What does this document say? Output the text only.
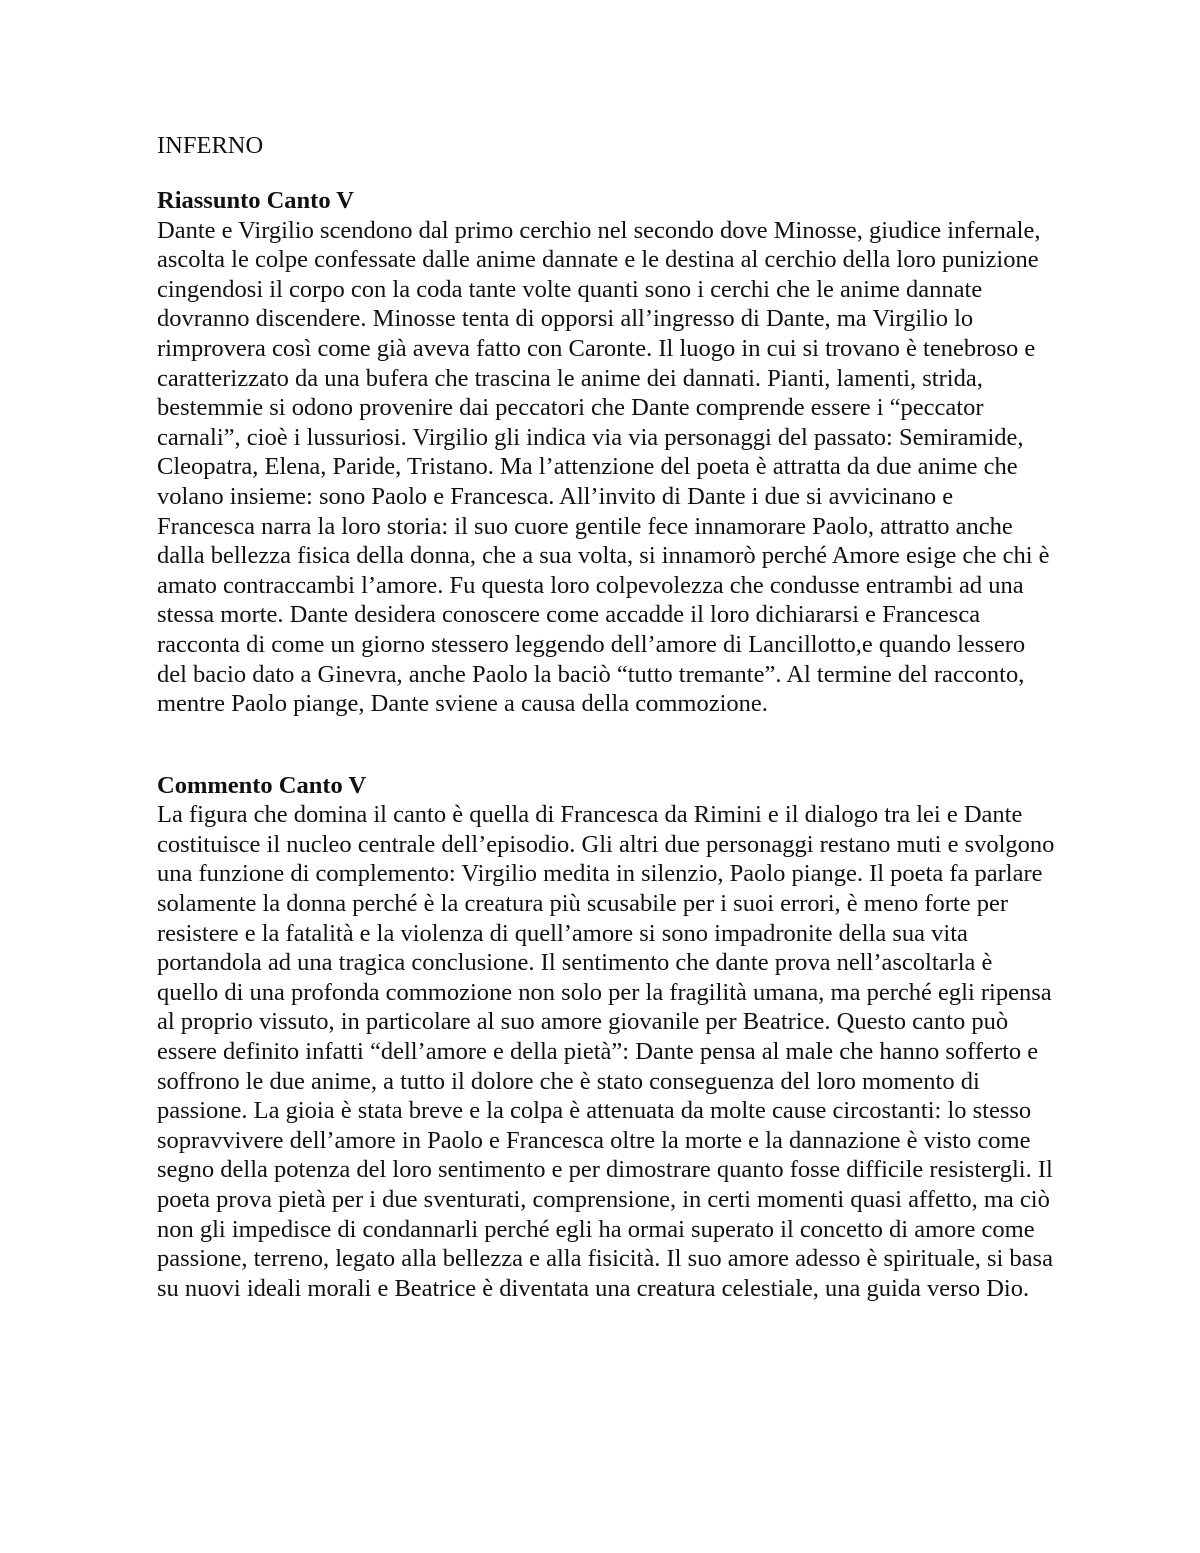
INFERNO
Riassunto Canto V

Dante e Virgilio scendono dal primo cerchio nel secondo dove Minosse, giudice infernale, ascolta le colpe confessate dalle anime dannate e le destina al cerchio della loro punizione cingendosi il corpo con la coda tante volte quanti sono i cerchi che le anime dannate dovranno discendere. Minosse tenta di opporsi all’ingresso di Dante, ma Virgilio lo rimprovera così come già aveva fatto con Caronte. Il luogo in cui si trovano è tenebroso e caratterizzato da una bufera che trascina le anime dei dannati. Pianti, lamenti, strida, bestemmie si odono provenire dai peccatori che Dante comprende essere i “peccator carnali”, cioè i lussuriosi. Virgilio gli indica via via personaggi del passato: Semiramide, Cleopatra, Elena, Paride, Tristano. Ma l’attenzione del poeta è attratta da due anime che volano insieme: sono Paolo e Francesca. All’invito di Dante i due si avvicinano e Francesca narra la loro storia: il suo cuore gentile fece innamorare Paolo, attratto anche dalla bellezza fisica della donna, che a sua volta, si innamorò perché Amore esige che chi è amato contraccambi l’amore. Fu questa loro colpevolezza che condusse entrambi ad una stessa morte. Dante desidera conoscere come accadde il loro dichiararsi e Francesca racconta di come un giorno stessero leggendo dell’amore di Lancillotto,e quando lessero del bacio dato a Ginevra, anche Paolo la baciò “tutto tremante”. Al termine del racconto, mentre Paolo piange, Dante sviene a causa della commozione.

Commento Canto V

La figura che domina il canto è quella di Francesca da Rimini e il dialogo tra lei e Dante costituisce il nucleo centrale dell’episodio. Gli altri due personaggi restano muti e svolgono una funzione di complemento: Virgilio medita in silenzio, Paolo piange. Il poeta fa parlare solamente la donna perché è la creatura più scusabile per i suoi errori, è meno forte per resistere e la fatalità e la violenza di quell’amore si sono impadronite della sua vita portandola ad una tragica conclusione. Il sentimento che dante prova nell’ascoltarla è quello di una profonda commozione non solo per la fragilità umana, ma perché egli ripensa al proprio vissuto, in particolare al suo amore giovanile per Beatrice. Questo canto può essere definito infatti “dell’amore e della pietà”: Dante pensa al male che hanno sofferto e soffrono le due anime, a tutto il dolore che è stato conseguenza del loro momento di passione. La gioia è stata breve e la colpa è attenuata da molte cause circostanti: lo stesso sopravvivere dell’amore in Paolo e Francesca oltre la morte e la dannazione è visto come segno della potenza del loro sentimento e per dimostrare quanto fosse difficile resistergli. Il poeta prova pietà per i due sventurati, comprensione, in certi momenti quasi affetto, ma ciò non gli impedisce di condannarli perché egli ha ormai superato il concetto di amore come passione, terreno, legato alla bellezza e alla fisicità. Il suo amore adesso è spirituale, si basa su nuovi ideali morali e Beatrice è diventata una creatura celestiale, una guida verso Dio.
